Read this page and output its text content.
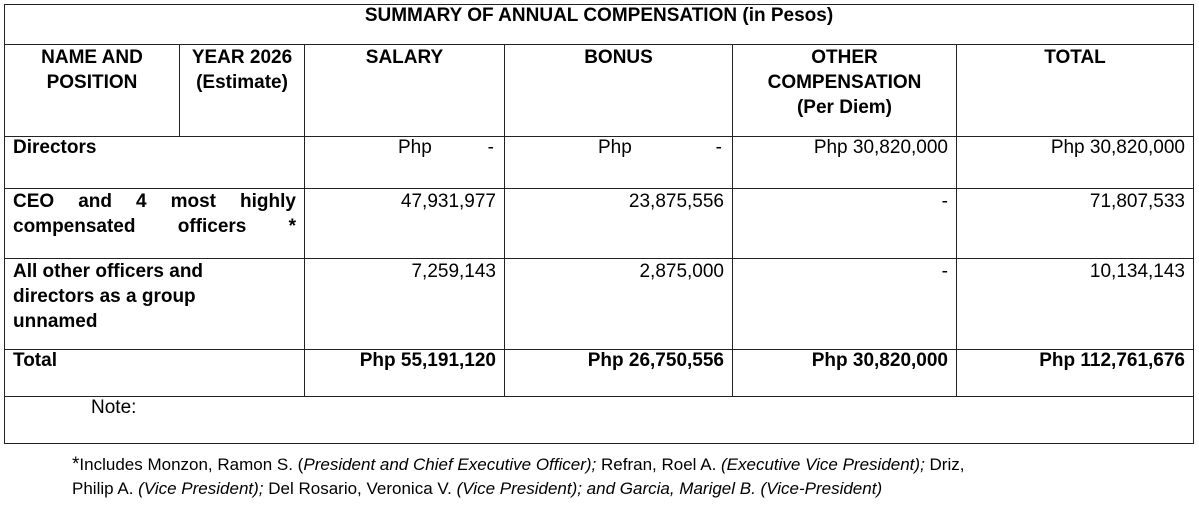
SUMMARY OF ANNUAL COMPENSATION (in Pesos)					
NAME AND POSITION	YEAR 2026 (Estimate)	SALARY	BONUS	OTHER COMPENSATION (Per Diem)	TOTAL
Directors		Php -	Php -	Php 30,820,000	Php 30,820,000

CEO and 4 most highly compensated officers *		47,931,977	23,875,556	-	71,807,533

All other officers and directors as a group unnamed		7,259,143	2,875,000	-	10,134,143
Total		Php 55,191,120	Php 26,750,556	Php 30,820,000	Php 112,761,676
Note:					
*Includes Monzon, Ramon S. (President and Chief Executive Officer); Refran, Roel A. (Executive Vice President); Driz,
Philip A. (Vice President); Del Rosario, Veronica V. (Vice President); and Garcia, Marigel B. (Vice-President)
